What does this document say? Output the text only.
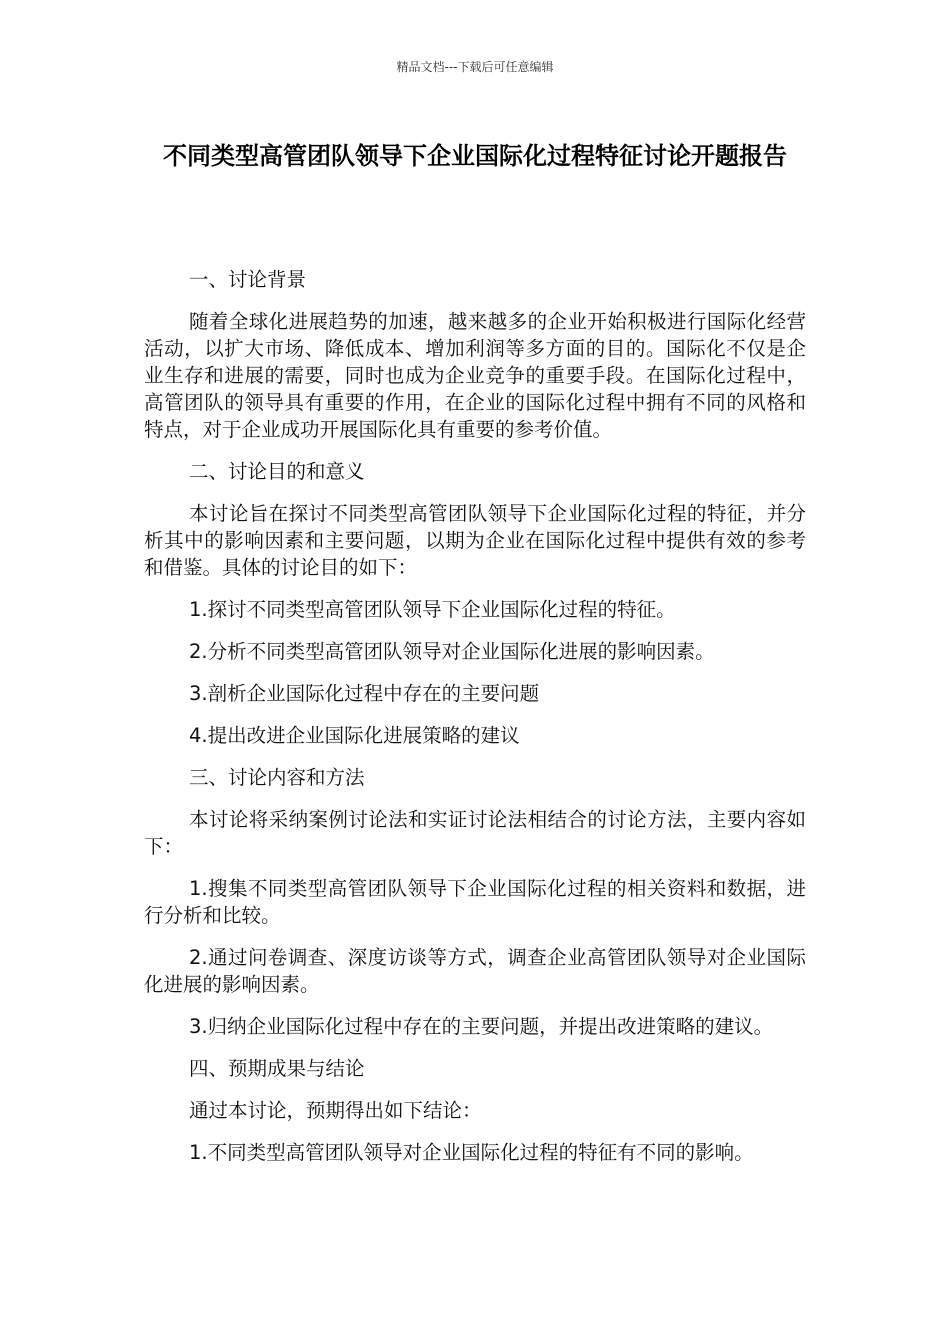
精品文档---下载后可任意编辑
不同类型高管团队领导下企业国际化过程特征讨论开题报告

一、讨论背景

随着全球化进展趋势的加速，越来越多的企业开始积极进行国际化经营活动，以扩大市场、降低成本、增加利润等多方面的目的。国际化不仅是企业生存和进展的需要，同时也成为企业竞争的重要手段。在国际化过程中，高管团队的领导具有重要的作用，在企业的国际化过程中拥有不同的风格和特点，对于企业成功开展国际化具有重要的参考价值。

二、讨论目的和意义

本讨论旨在探讨不同类型高管团队领导下企业国际化过程的特征，并分析其中的影响因素和主要问题，以期为企业在国际化过程中提供有效的参考和借鉴。具体的讨论目的如下：

1.探讨不同类型高管团队领导下企业国际化过程的特征。

2.分析不同类型高管团队领导对企业国际化进展的影响因素。

3.剖析企业国际化过程中存在的主要问题

4.提出改进企业国际化进展策略的建议

三、讨论内容和方法

本讨论将采纳案例讨论法和实证讨论法相结合的讨论方法，主要内容如下：

1.搜集不同类型高管团队领导下企业国际化过程的相关资料和数据，进行分析和比较。

2.通过问卷调查、深度访谈等方式，调查企业高管团队领导对企业国际化进展的影响因素。

3.归纳企业国际化过程中存在的主要问题，并提出改进策略的建议。

四、预期成果与结论

通过本讨论，预期得出如下结论：

1.不同类型高管团队领导对企业国际化过程的特征有不同的影响。
